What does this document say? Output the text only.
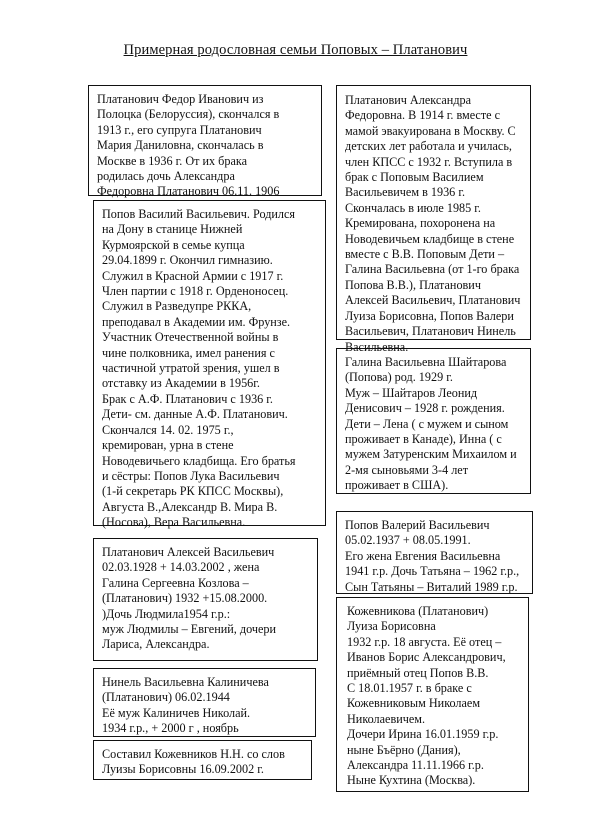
Примерная родословная семьи Поповых – Платанович
Платанович Федор Иванович из
Полоцка (Белоруссия), скончался в
1913 г., его супруга Платанович
Мария Даниловна, скончалась в
Москве в 1936 г. От их брака
родилась дочь Александра
Федоровна Платанович 06.11. 1906
Попов Василий Васильевич. Родился
на Дону в станице Нижней
Курмоярской в семье купца
29.04.1899 г. Окончил гимназию.
Служил в Красной Армии с 1917 г.
Член партии с 1918 г. Орденоносец.
Служил в Разведупре РККА,
преподавал в Академии им. Фрунзе.
Участник Отечественной войны в
чине полковника, имел ранения с
частичной утратой зрения, ушел в
отставку из Академии в 1956г.
Брак с А.Ф. Платанович с 1936 г.
Дети- см. данные А.Ф. Платанович.
Скончался 14. 02. 1975 г.,
кремирован, урна в стене
Новодевичьего кладбища. Его братья
и сёстры: Попов Лука Васильевич
(1-й секретарь РК КПСС Москвы),
Августа В.,Александр В. Мира В.
(Носова), Вера Васильевна.
Платанович Алексей Васильевич
02.03.1928 + 14.03.2002 , жена
Галина Сергеевна Козлова –
(Платанович) 1932 +15.08.2000.
)Дочь Людмила1954 г.р.:
муж Людмилы – Евгений, дочери
Лариса, Александра.
Нинель Васильевна Калиничева
(Платанович) 06.02.1944
Её муж Калиничев Николай.
1934 г.р., + 2000 г , ноябрь
Составил Кожевников Н.Н. со слов
Луизы Борисовны 16.09.2002 г.
Платанович Александра
Федоровна. В 1914 г. вместе с
мамой эвакуирована в Москву. С
детских лет работала и училась,
член КПСС с 1932 г. Вступила в
брак с Поповым Василием
Васильевичем в 1936 г.
Скончалась в июле 1985 г.
Кремирована, похоронена на
Новодевичьем кладбище в стене
вместе с В.В. Поповым Дети –
Галина Васильевна (от 1-го брака
Попова В.В.), Платанович
Алексей Васильевич, Платанович
Луиза Борисовна, Попов Валери
Васильевич, Платанович Нинель
Васильевна.
Галина Васильевна Шайтарова
(Попова) род. 1929 г.
Муж – Шайтаров Леонид
Денисович – 1928 г. рождения.
Дети – Лена ( с мужем и сыном
проживает в Канаде), Инна ( с
мужем Затуренским Михаилом и
2-мя сыновьями 3-4 лет
проживает в США).
Попов Валерий Васильевич
05.02.1937 + 08.05.1991.
Его жена Евгения Васильевна
1941 г.р. Дочь Татьяна – 1962 г.р.,
Сын Татьяны – Виталий 1989 г.р.
Кожевникова (Платанович)
Луиза Борисовна
1932 г.р. 18 августа. Её отец –
Иванов Борис Александрович,
приёмный отец Попов В.В.
С 18.01.1957 г. в браке с
Кожевниковым Николаем
Николаевичем.
Дочери Ирина 16.01.1959 г.р.
ныне Бъёрно (Дания),
Александра 11.11.1966 г.р.
Ныне Кухтина (Москва).
